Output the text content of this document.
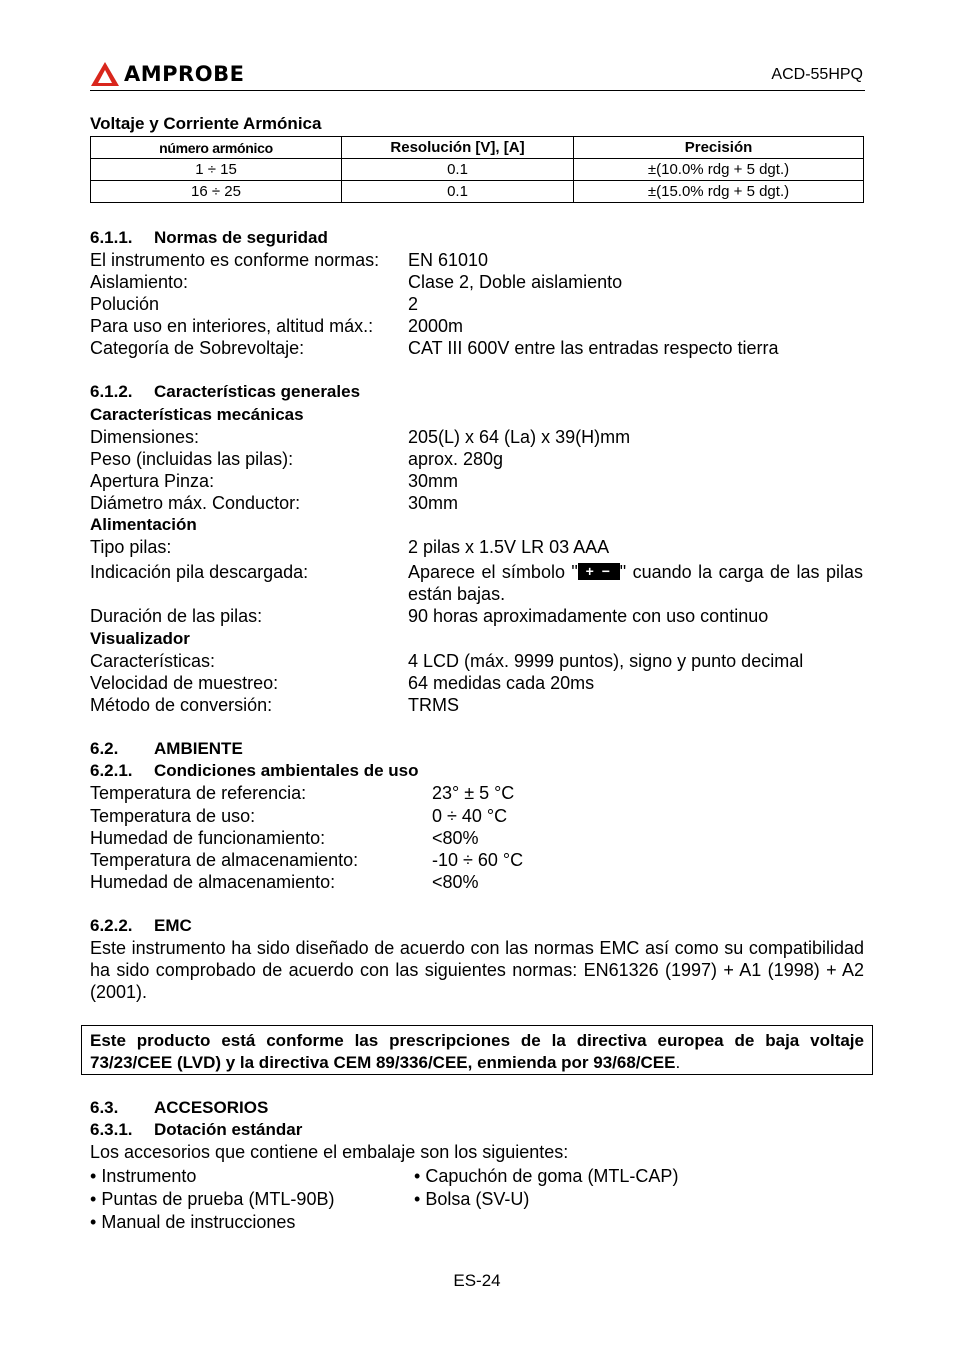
AMPROBE	ACD-55HPQ
Voltaje y Corriente Armónica
número armónico	Resolución [V], [A]	Precisión
1 ÷ 15	0.1	±(10.0% rdg + 5 dgt.)
16 ÷ 25	0.1	±(15.0% rdg + 5 dgt.)
6.1.1. Normas de seguridad
El instrumento es conforme normas: EN 61010
Aislamiento:	Clase 2, Doble aislamiento
Polución	2
Para uso en interiores, altitud máx.: 2000m
Categoría de Sobrevoltaje:	CAT III 600V entre las entradas respecto tierra
6.1.2. Características generales
Características mecánicas
Dimensiones:	205(L) x 64 (La) x 39(H)mm
Peso (incluidas las pilas):	aprox. 280g
Apertura Pinza:	30mm
Diámetro máx. Conductor:	30mm
Alimentación
Tipo pilas:	2 pilas x 1.5V LR 03 AAA
Indicación pila descargada:	Aparece el símbolo " + − " cuando la carga de las pilas están bajas.
Duración de las pilas:	90 horas aproximadamente con uso continuo
Visualizador
Características:	4 LCD (máx. 9999 puntos), signo y punto decimal
Velocidad de muestreo:	64 medidas cada 20ms
Método de conversión:	TRMS
6.2. AMBIENTE
6.2.1. Condiciones ambientales de uso
Temperatura de referencia:	23° ± 5 °C
Temperatura de uso:	0 ÷ 40 °C
Humedad de funcionamiento:	<80%
Temperatura de almacenamiento:	-10 ÷ 60 °C
Humedad de almacenamiento:	<80%
6.2.2. EMC
Este instrumento ha sido diseñado de acuerdo con las normas EMC así como su compatibilidad ha sido comprobado de acuerdo con las siguientes normas: EN61326 (1997) + A1 (1998) + A2 (2001).
Este producto está conforme las prescripciones de la directiva europea de baja voltaje 73/23/CEE (LVD) y la directiva CEM 89/336/CEE, enmienda por 93/68/CEE.
6.3. ACCESORIOS
6.3.1. Dotación estándar
Los accesorios que contiene el embalaje son los siguientes:
• Instrumento	• Capuchón de goma (MTL-CAP)
• Puntas de prueba (MTL-90B)	• Bolsa (SV-U)
• Manual de instrucciones
ES-24
